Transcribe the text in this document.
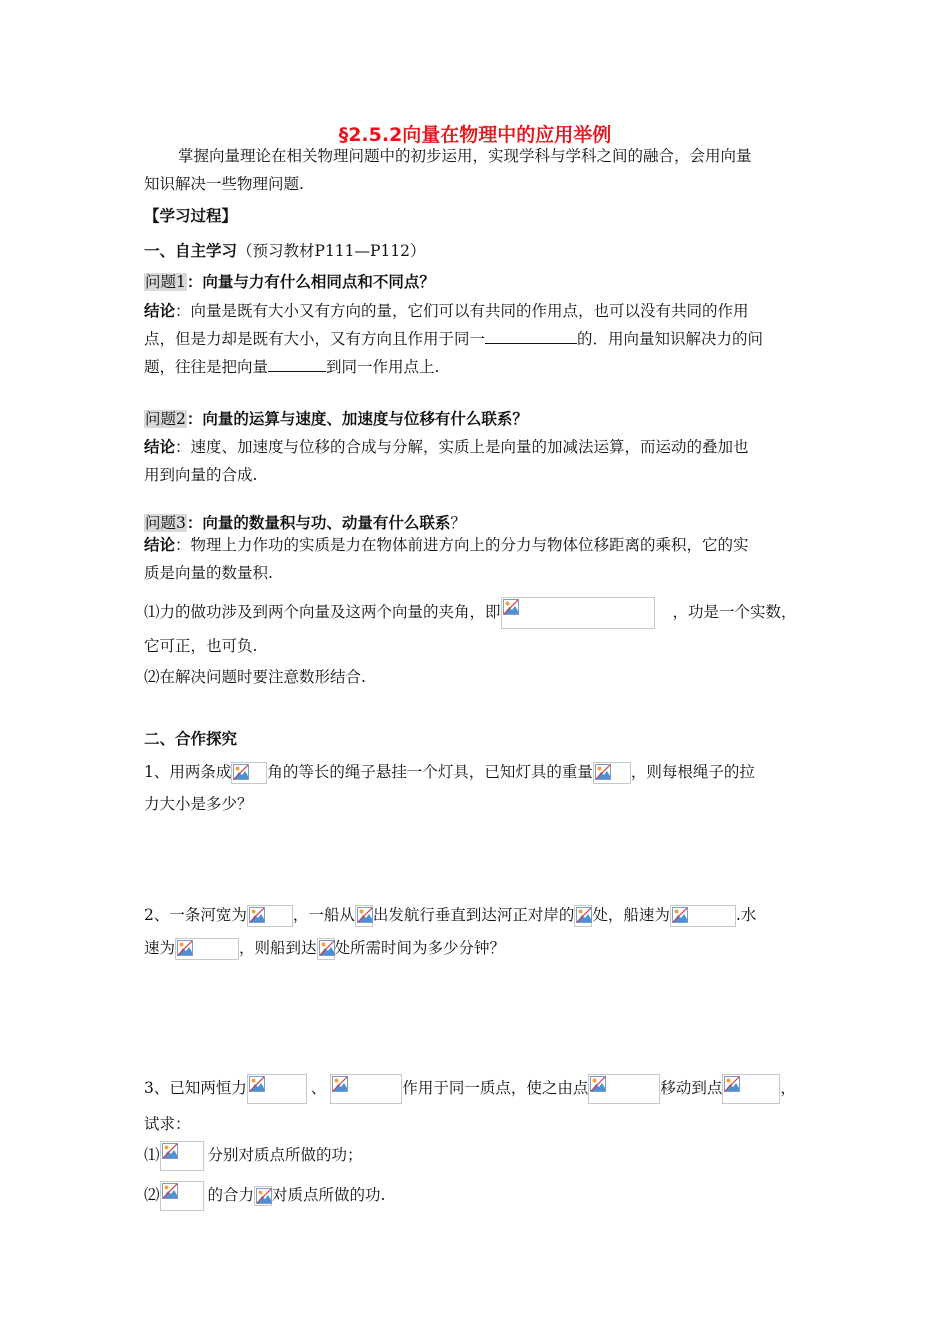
§2.5.2向量在物理中的应用举例
掌握向量理论在相关物理问题中的初步运用，实现学科与学科之间的融合，会用向量
知识解决一些物理问题.
【学习过程】
一、自主学习（预习教材P111—P112）
问题1：向量与力有什么相同点和不同点？
结论：向量是既有大小又有方向的量，它们可以有共同的作用点，也可以没有共同的作用
点，但是力却是既有大小，又有方向且作用于同一	的．用向量知识解决力的问
题，往往是把向量	到同一作用点上.
问题2：向量的运算与速度、加速度与位移有什么联系？
结论：速度、加速度与位移的合成与分解，实质上是向量的加减法运算，而运动的叠加也
用到向量的合成.
问题3：向量的数量积与功、动量有什么联系？
结论：物理上力作功的实质是力在物体前进方向上的分力与物体位移距离的乘积，它的实
质是向量的数量积.
⑴力的做功涉及到两个向量及这两个向量的夹角，即	，功是一个实数，
它可正，也可负.
⑵在解决问题时要注意数形结合.
二、合作探究
1、用两条成 角的等长的绳子悬挂一个灯具，已知灯具的重量 ，则每根绳子的拉
力大小是多少？
2、一条河宽为	，一船从 出发航行垂直到达河正对岸的 处，船速为	.水
速为	，则船到达 处所需时间为多少分钟？
3、已知两恒力	、	作用于同一质点，使之由点	移动到点	，
试求：
⑴	分别对质点所做的功；
⑵	的合力 对质点所做的功.
